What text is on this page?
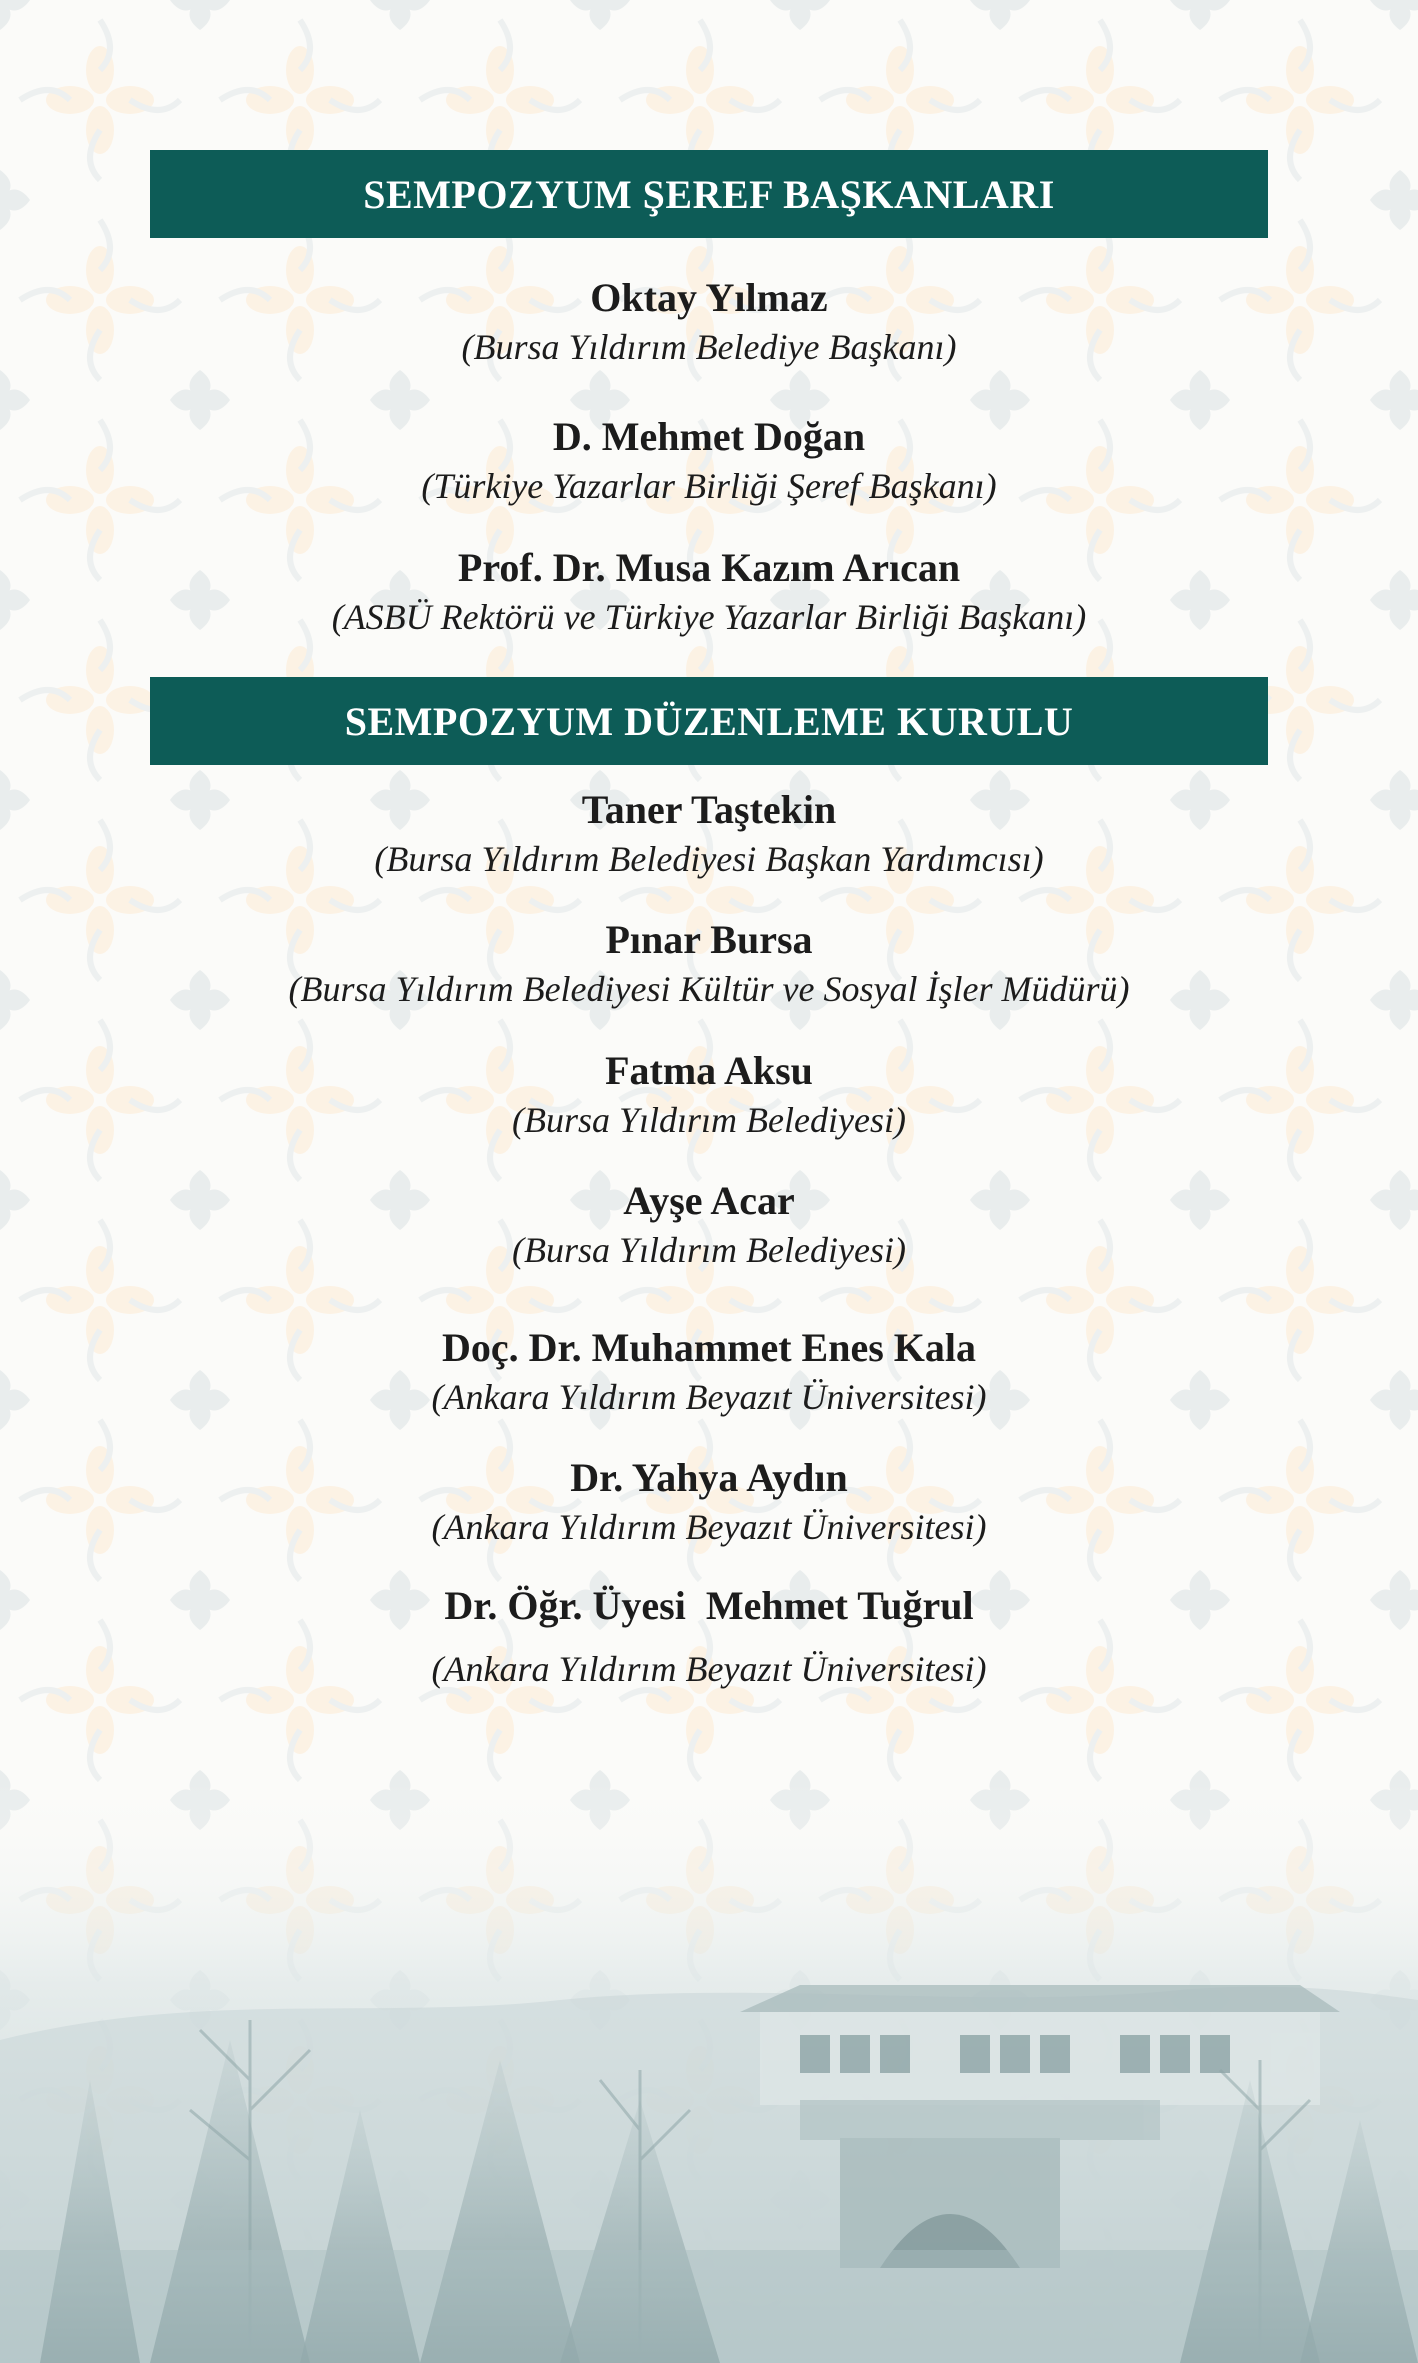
SEMPOZYUM ŞEREF BAŞKANLARI
Oktay Yılmaz
(Bursa Yıldırım Belediye Başkanı)
D. Mehmet Doğan
(Türkiye Yazarlar Birliği Şeref Başkanı)
Prof. Dr. Musa Kazım Arıcan
(ASBÜ Rektörü ve Türkiye Yazarlar Birliği Başkanı)
SEMPOZYUM DÜZENLEME KURULU
Taner Taştekin
(Bursa Yıldırım Belediyesi Başkan Yardımcısı)
Pınar Bursa
(Bursa Yıldırım Belediyesi Kültür ve Sosyal İşler Müdürü)
Fatma Aksu
(Bursa Yıldırım Belediyesi)
Ayşe Acar
(Bursa Yıldırım Belediyesi)
Doç. Dr. Muhammet Enes Kala
(Ankara Yıldırım Beyazıt Üniversitesi)
Dr. Yahya Aydın
(Ankara Yıldırım Beyazıt Üniversitesi)
Dr. Öğr. Üyesi  Mehmet Tuğrul
(Ankara Yıldırım Beyazıt Üniversitesi)
